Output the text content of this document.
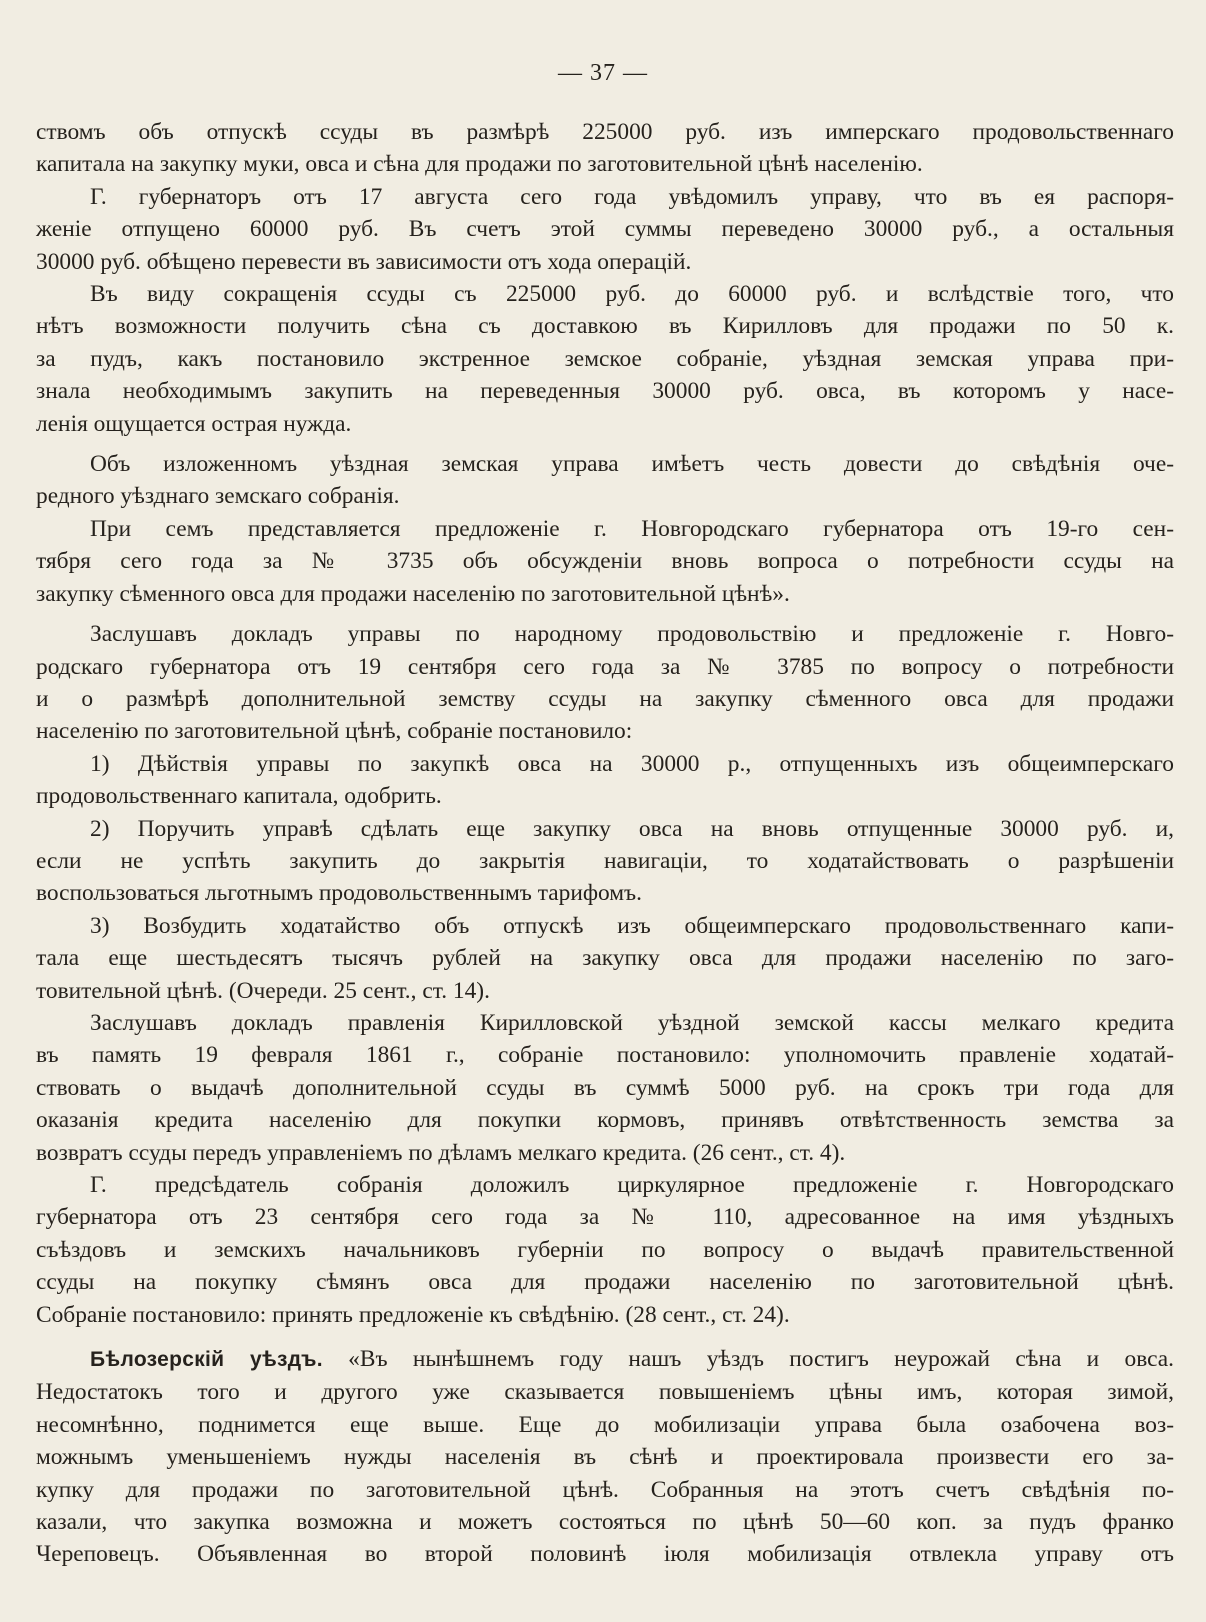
— 37 —

ствомъ объ отпускѣ ссуды въ размѣрѣ 225000 руб. изъ имперскаго продовольственнаго

капитала на закупку муки, овса и сѣна для продажи по заготовительной цѣнѣ населенію.

Г. губернаторъ отъ 17 августа сего года увѣдомилъ управу, что въ ея распоря-

женіе отпущено 60000 руб. Въ счетъ этой суммы переведено 30000 руб., а остальныя

30000 руб. обѣщено перевести въ зависимости отъ хода операцій.

Въ виду сокращенія ссуды съ 225000 руб. до 60000 руб. и вслѣдствіе того, что

нѣтъ возможности получить сѣна съ доставкою въ Кирилловъ для продажи по 50 к.

за пудъ, какъ постановило экстренное земское собраніе, уѣздная земская управа при-

знала необходимымъ закупить на переведенныя 30000 руб. овса, въ которомъ у насе-

ленія ощущается острая нужда.

Объ изложенномъ уѣздная земская управа имѣетъ честь довести до свѣдѣнія оче-

редного уѣзднаго земскаго собранія.

При семъ представляется предложеніе г. Новгородскаго губернатора отъ 19-го сен-

тября сего года за № 3735 объ обсужденіи вновь вопроса о потребности ссуды на

закупку сѣменного овса для продажи населенію по заготовительной цѣнѣ».

Заслушавъ докладъ управы по народному продовольствію и предложеніе г. Новго-

родскаго губернатора отъ 19 сентября сего года за № 3785 по вопросу о потребности

и о размѣрѣ дополнительной земству ссуды на закупку сѣменного овса для продажи

населенію по заготовительной цѣнѣ, собраніе постановило:

1) Дѣйствія управы по закупкѣ овса на 30000 р., отпущенныхъ изъ общеимперскаго

продовольственнаго капитала, одобрить.

2) Поручить управѣ сдѣлать еще закупку овса на вновь отпущенные 30000 руб. и,

если не успѣть закупить до закрытія навигаціи, то ходатайствовать о разрѣшеніи

воспользоваться льготнымъ продовольственнымъ тарифомъ.

3) Возбудить ходатайство объ отпускѣ изъ общеимперскаго продовольственнаго капи-

тала еще шестьдесятъ тысячъ рублей на закупку овса для продажи населенію по заго-

товительной цѣнѣ. (Очереди. 25 сент., ст. 14).

Заслушавъ докладъ правленія Кирилловской уѣздной земской кассы мелкаго кредита

въ память 19 февраля 1861 г., собраніе постановило: уполномочить правленіе ходатай-

ствовать о выдачѣ дополнительной ссуды въ суммѣ 5000 руб. на срокъ три года для

оказанія кредита населенію для покупки кормовъ, принявъ отвѣтственность земства за

возвратъ ссуды передъ управленіемъ по дѣламъ мелкаго кредита. (26 сент., ст. 4).

Г. предсѣдатель собранія доложилъ циркулярное предложеніе г. Новгородскаго

губернатора отъ 23 сентября сего года за № 110, адресованное на имя уѣздныхъ

съѣздовъ и земскихъ начальниковъ губерніи по вопросу о выдачѣ правительственной

ссуды на покупку сѣмянъ овса для продажи населенію по заготовительной цѣнѣ.

Собраніе постановило: принять предложеніе къ свѣдѣнію. (28 сент., ст. 24).

Бѣлозерскій уѣздъ. «Въ нынѣшнемъ году нашъ уѣздъ постигъ неурожай сѣна и овса.

Недостатокъ того и другого уже сказывается повышеніемъ цѣны имъ, которая зимой,

несомнѣнно, поднимется еще выше. Еще до мобилизаціи управа была озабочена воз-

можнымъ уменьшеніемъ нужды населенія въ сѣнѣ и проектировала произвести его за-

купку для продажи по заготовительной цѣнѣ. Собранныя на этотъ счетъ свѣдѣнія по-

казали, что закупка возможна и можетъ состояться по цѣнѣ 50—60 коп. за пудъ франко

Череповецъ. Объявленная во второй половинѣ іюля мобилизація отвлекла управу отъ
